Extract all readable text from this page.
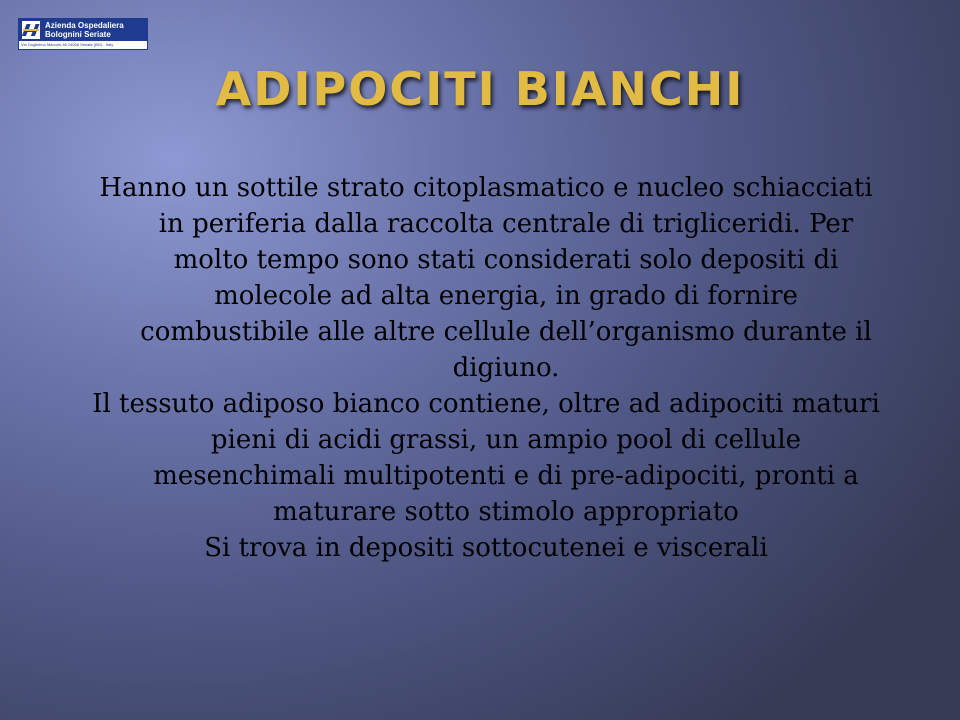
Azienda Ospedaliera
Bolognini Seriate
Via Guglielmo Marconi,38 24068 Seriate (BG) - Italy
ADIPOCITI BIANCHI

Hanno un sottile strato citoplasmatico e nucleo schiacciati in periferia dalla raccolta centrale di trigliceridi. Per molto tempo sono stati considerati solo depositi di molecole ad alta energia, in grado di fornire combustibile alle altre cellule dell’organismo durante il digiuno.

Il tessuto adiposo bianco contiene, oltre ad adipociti maturi pieni di acidi grassi, un ampio pool di cellule mesenchimali multipotenti e di pre-adipociti, pronti a maturare sotto stimolo appropriato

Si trova in depositi sottocutenei e viscerali
